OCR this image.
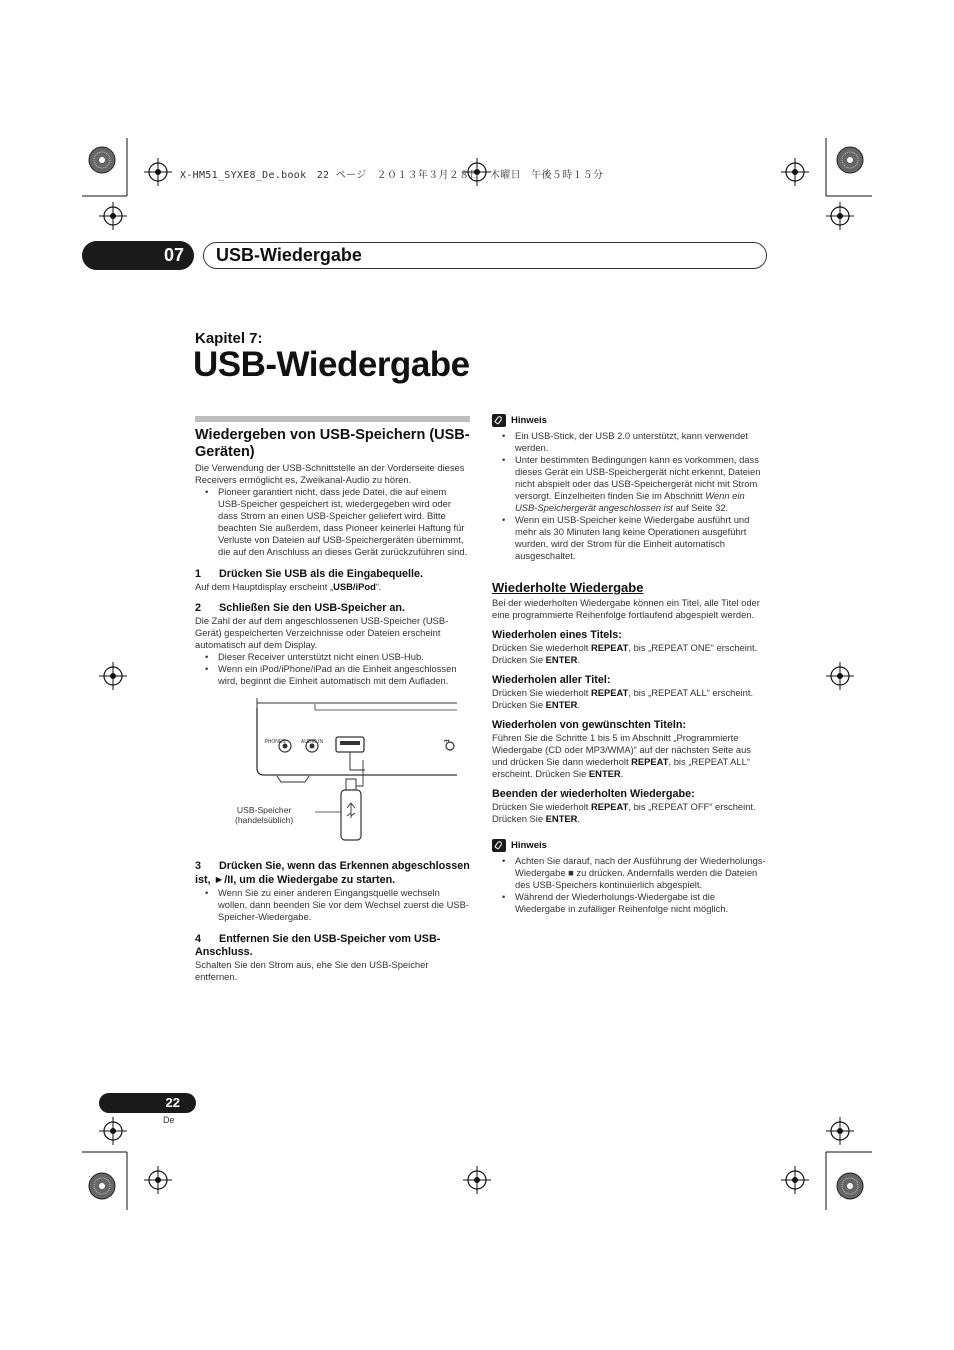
X-HM51_SYXE8_De.book　22 ページ　２０１３年３月２８日　木曜日　午後５時１５分
07	USB-Wiedergabe
Kapitel 7:
USB-Wiedergabe
Wiedergeben von USB-Speichern (USB-Geräten)

Die Verwendung der USB-Schnittstelle an der Vorderseite dieses Receivers ermöglicht es, Zweikanal-Audio zu hören.

• Pioneer garantiert nicht, dass jede Datei, die auf einem USB-Speicher gespeichert ist, wiedergegeben wird oder dass Strom an einen USB-Speicher geliefert wird. Bitte beachten Sie außerdem, dass Pioneer keinerlei Haftung für Verluste von Dateien auf USB-Speichergeräten übernimmt, die auf den Anschluss an dieses Gerät zurückzuführen sind.

1 Drücken Sie USB als die Eingabequelle.

Auf dem Hauptdisplay erscheint „USB/iPod“.

2 Schließen Sie den USB-Speicher an.

Die Zahl der auf dem angeschlossenen USB-Speicher (USB-Gerät) gespeicherten Verzeichnisse oder Dateien erscheint automatisch auf dem Display.

• Dieser Receiver unterstützt nicht einen USB-Hub.
• Wenn ein iPod/iPhone/iPad an die Einheit angeschlossen wird, beginnt die Einheit automatisch mit dem Aufladen.
PHONES	AUDIO IN	⏮
USB-Speicher
(handelsüblich)

3 Drücken Sie, wenn das Erkennen abgeschlossen ist, ►/II, um die Wiedergabe zu starten.

• Wenn Sie zu einer anderen Eingangsquelle wechseln wollen, dann beenden Sie vor dem Wechsel zuerst die USB-Speicher-Wiedergabe.

4 Entfernen Sie den USB-Speicher vom USB-Anschluss.

Schalten Sie den Strom aus, ehe Sie den USB-Speicher entfernen.

Hinweis
• Ein USB-Stick, der USB 2.0 unterstützt, kann verwendet werden.
• Unter bestimmten Bedingungen kann es vorkommen, dass dieses Gerät ein USB-Speichergerät nicht erkennt, Dateien nicht abspielt oder das USB-Speichergerät nicht mit Strom versorgt. Einzelheiten finden Sie im Abschnitt Wenn ein USB-Speichergerät angeschlossen ist auf Seite 32.
• Wenn ein USB-Speicher keine Wiedergabe ausführt und mehr als 30 Minuten lang keine Operationen ausgeführt wurden, wird der Strom für die Einheit automatisch ausgeschaltet.
Wiederholte Wiedergabe

Bei der wiederholten Wiedergabe können ein Titel, alle Titel oder eine programmierte Reihenfolge fortlaufend abgespielt werden.

Wiederholen eines Titels:

Drücken Sie wiederholt REPEAT, bis „REPEAT ONE“ erscheint. Drücken Sie ENTER.

Wiederholen aller Titel:

Drücken Sie wiederholt REPEAT, bis „REPEAT ALL“ erscheint. Drücken Sie ENTER.

Wiederholen von gewünschten Titeln:

Führen Sie die Schritte 1 bis 5 im Abschnitt „Programmierte Wiedergabe (CD oder MP3/WMA)“ auf der nächsten Seite aus und drücken Sie dann wiederholt REPEAT, bis „REPEAT ALL“ erscheint. Drücken Sie ENTER.

Beenden der wiederholten Wiedergabe:

Drücken Sie wiederholt REPEAT, bis „REPEAT OFF“ erscheint. Drücken Sie ENTER.

Hinweis
• Achten Sie darauf, nach der Ausführung der Wiederholungs-Wiedergabe ■ zu drücken. Andernfalls werden die Dateien des USB-Speichers kontinuierlich abgespielt.
• Während der Wiederholungs-Wiedergabe ist die Wiedergabe in zufälliger Reihenfolge nicht möglich.
22
De
